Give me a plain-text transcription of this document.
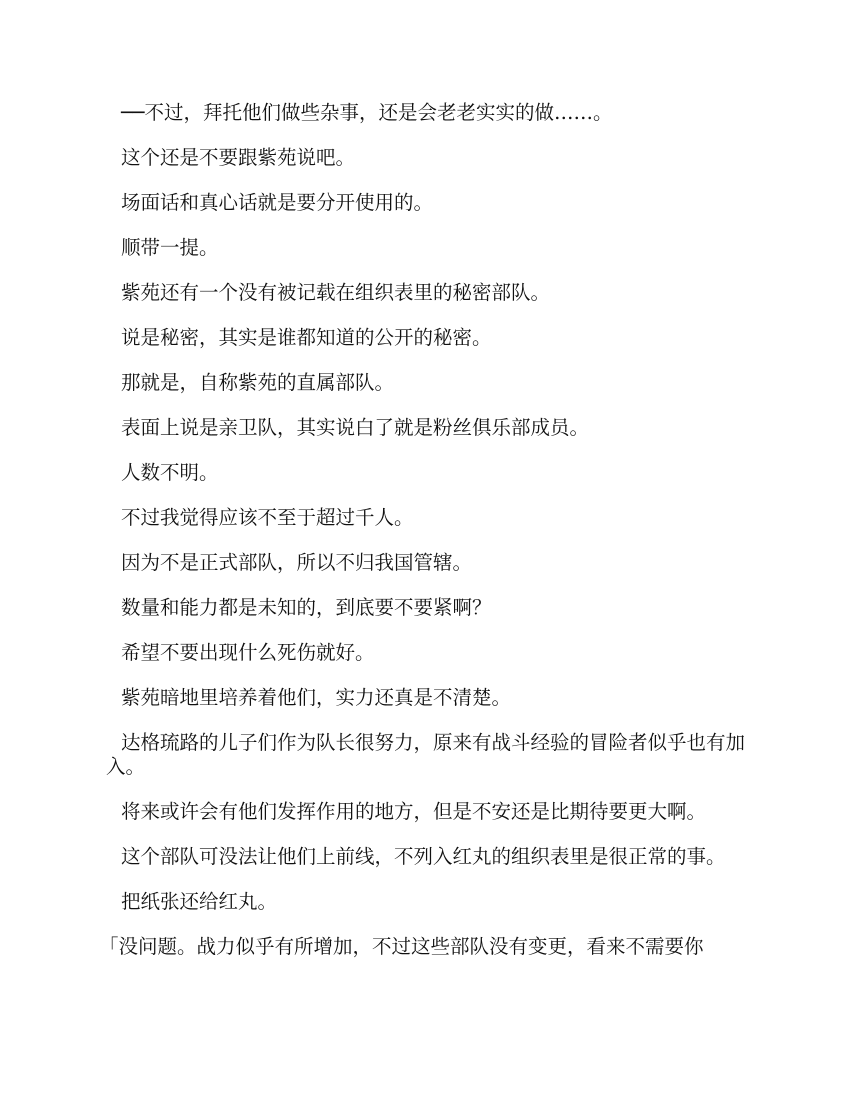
──不过，拜托他们做些杂事，还是会老老实实的做……。

这个还是不要跟紫苑说吧。

场面话和真心话就是要分开使用的。

顺带一提。

紫苑还有一个没有被记载在组织表里的秘密部队。

说是秘密，其实是谁都知道的公开的秘密。

那就是，自称紫苑的直属部队。

表面上说是亲卫队，其实说白了就是粉丝俱乐部成员。

人数不明。

不过我觉得应该不至于超过千人。

因为不是正式部队，所以不归我国管辖。

数量和能力都是未知的，到底要不要紧啊？

希望不要出现什么死伤就好。

紫苑暗地里培养着他们，实力还真是不清楚。

达格琉路的儿子们作为队长很努力，原来有战斗经验的冒险者似乎也有加入。

将来或许会有他们发挥作用的地方，但是不安还是比期待要更大啊。

这个部队可没法让他们上前线，不列入红丸的组织表里是很正常的事。

把纸张还给红丸。

「没问题。战力似乎有所增加，不过这些部队没有变更，看来不需要你
